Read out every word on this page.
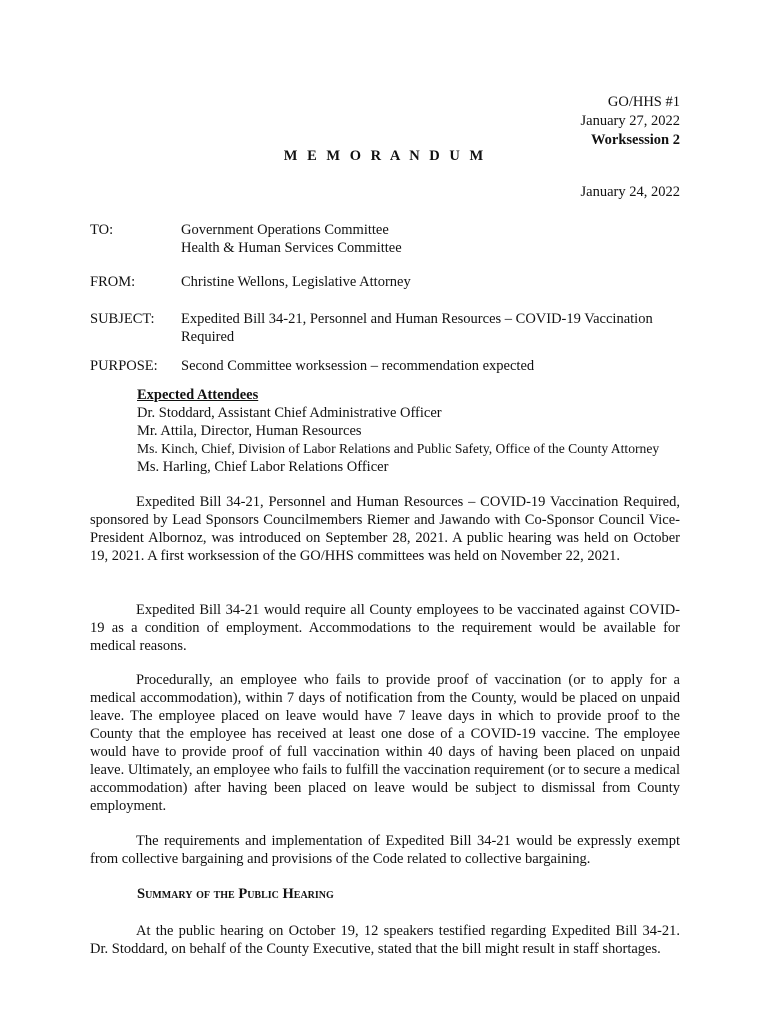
GO/HHS #1
January 27, 2022
Worksession 2
M E M O R A N D U M
January 24, 2022
TO:	Government Operations Committee
Health & Human Services Committee
FROM:	Christine Wellons, Legislative Attorney
SUBJECT: Expedited Bill 34-21, Personnel and Human Resources – COVID-19 Vaccination
Required
PURPOSE: Second Committee worksession – recommendation expected
Expected Attendees
Dr. Stoddard, Assistant Chief Administrative Officer
Mr. Attila, Director, Human Resources
Ms. Kinch, Chief, Division of Labor Relations and Public Safety, Office of the County Attorney
Ms. Harling, Chief Labor Relations Officer
Expedited Bill 34-21, Personnel and Human Resources – COVID-19 Vaccination Required, sponsored by Lead Sponsors Councilmembers Riemer and Jawando with Co-Sponsor Council Vice-President Albornoz, was introduced on September 28, 2021. A public hearing was held on October 19, 2021. A first worksession of the GO/HHS committees was held on November 22, 2021.
Expedited Bill 34-21 would require all County employees to be vaccinated against COVID-19 as a condition of employment. Accommodations to the requirement would be available for medical reasons.
Procedurally, an employee who fails to provide proof of vaccination (or to apply for a medical accommodation), within 7 days of notification from the County, would be placed on unpaid leave. The employee placed on leave would have 7 leave days in which to provide proof to the County that the employee has received at least one dose of a COVID-19 vaccine. The employee would have to provide proof of full vaccination within 40 days of having been placed on unpaid leave. Ultimately, an employee who fails to fulfill the vaccination requirement (or to secure a medical accommodation) after having been placed on leave would be subject to dismissal from County employment.
The requirements and implementation of Expedited Bill 34-21 would be expressly exempt from collective bargaining and provisions of the Code related to collective bargaining.
Summary of the Public Hearing
At the public hearing on October 19, 12 speakers testified regarding Expedited Bill 34-21. Dr. Stoddard, on behalf of the County Executive, stated that the bill might result in staff shortages.
